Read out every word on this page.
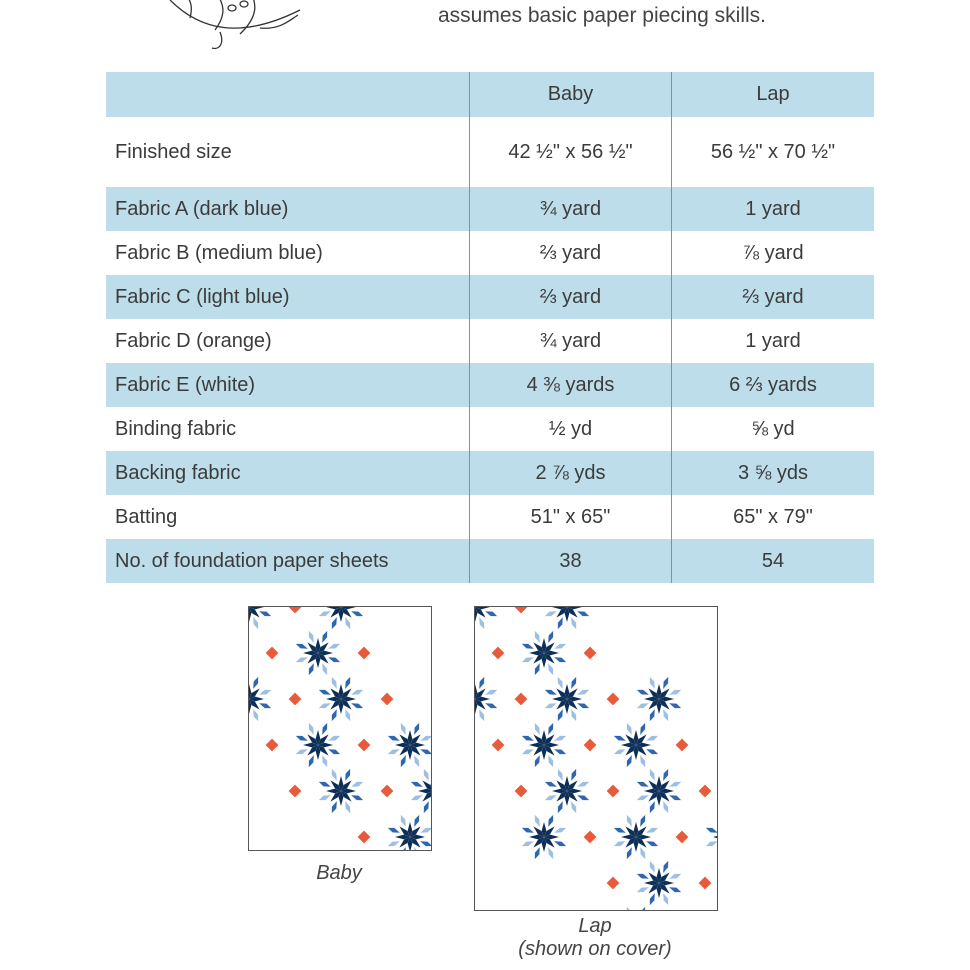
assumes basic paper piecing skills.
	Baby	Lap
Finished size	42 ½" x 56 ½"	56 ½" x 70 ½"
Fabric A (dark blue)	¾ yard	1 yard
Fabric B (medium blue)	⅔ yard	⅞ yard
Fabric C (light blue)	⅔ yard	⅔ yard
Fabric D (orange)	¾ yard	1 yard
Fabric E (white)	4 ⅜ yards	6 ⅔ yards
Binding fabric	½ yd	⅝ yd
Backing fabric	2 ⅞ yds	3 ⅝ yds
Batting	51" x 65"	65" x 79"
No. of foundation paper sheets	38	54
Baby
Lap
(shown on cover)
